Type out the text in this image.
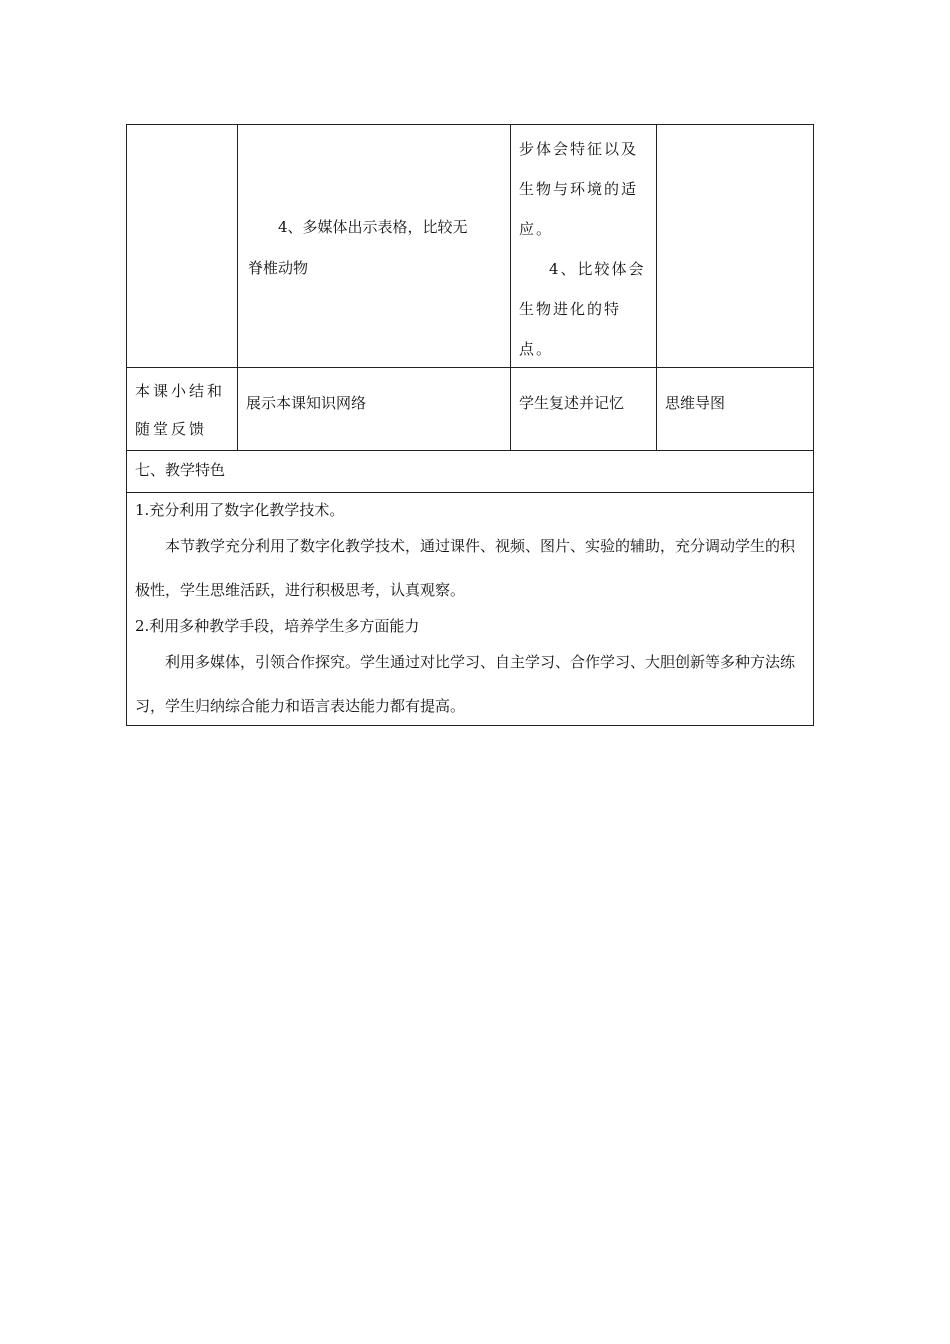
4、多媒体出示表格，比较无
脊椎动物
步体会特征以及
生物与环境的适
应。
4、比较体会
生物进化的特
点。
本课小结和
随堂反馈
展示本课知识网络	学生复述并记忆	思维导图
七、教学特色
1.充分利用了数字化教学技术。
本节教学充分利用了数字化教学技术，通过课件、视频、图片、实验的辅助，充分调动学生的积极性，学生思维活跃，进行积极思考，认真观察。
2.利用多种教学手段，培养学生多方面能力
利用多媒体，引领合作探究。学生通过对比学习、自主学习、合作学习、大胆创新等多种方法练习，学生归纳综合能力和语言表达能力都有提高。
